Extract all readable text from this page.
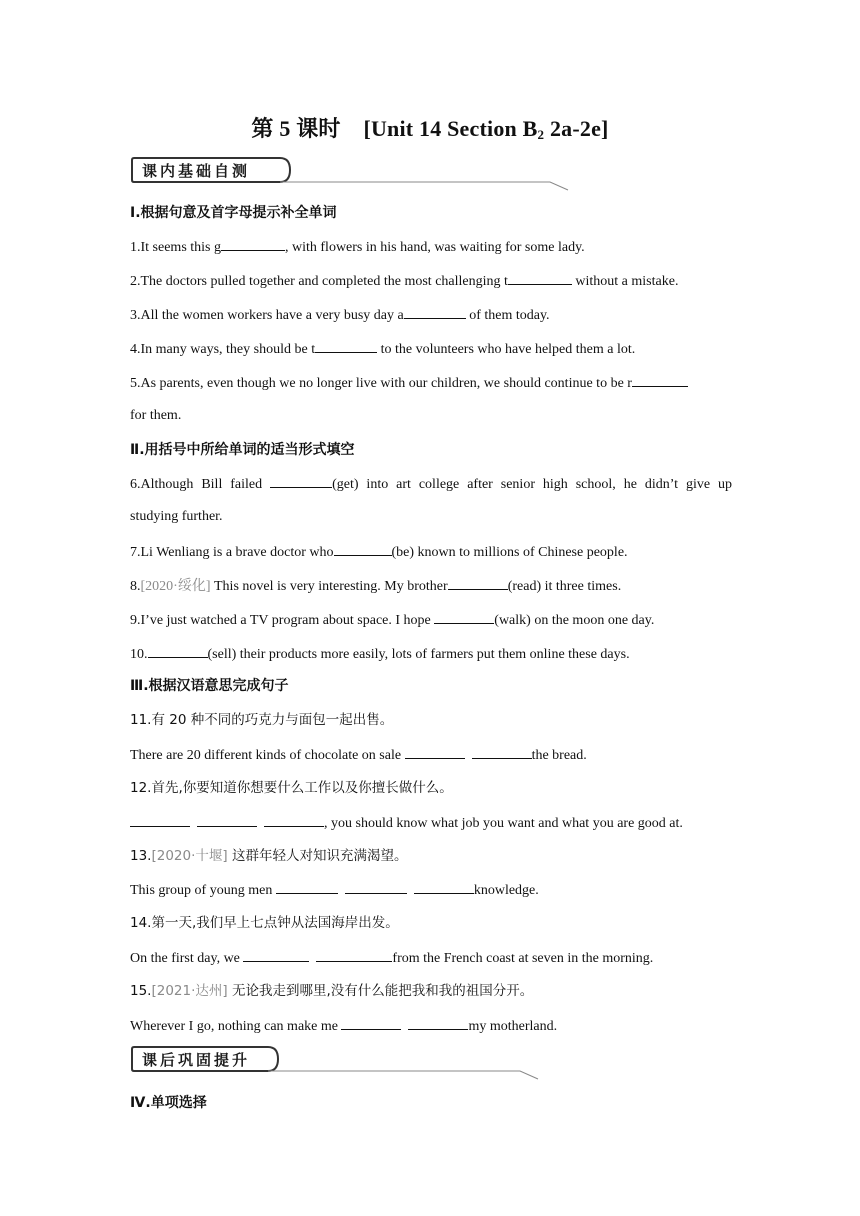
第 5 课时 [Unit 14 Section $B_2$ 2a-2e]
课内基础自测
Ⅰ.根据句意及首字母提示补全单词
1.It seems this g	, with flowers in his hand, was waiting for some lady.
2.The doctors pulled together and completed the most challenging t	without a mistake.
3.All the women workers have a very busy day a	of them today.
4.In many ways, they should be t	to the volunteers who have helped them a lot.
5.As parents, even though we no longer live with our children, we should continue to be r
for them.
Ⅱ.用括号中所给单词的适当形式填空
6.Although Bill failed	(get) into art college after senior high school, he didn’t give up
studying further.
7.Li Wenliang is a brave doctor who	(be) known to millions of Chinese people.
8.[2020·绥化] This novel is very interesting. My brother	(read) it three times.
9.I’ve just watched a TV program about space. I hope	(walk) on the moon one day.
10.	(sell) their products more easily, lots of farmers put them online these days.
Ⅲ.根据汉语意思完成句子
11.有 20 种不同的巧克力与面包一起出售。
There are 20 different kinds of chocolate on sale	the bread.
12.首先,你要知道你想要什么工作以及你擅长做什么。
, you should know what job you want and what you are good at.
13.[2020·十堰] 这群年轻人对知识充满渴望。
This group of young men	knowledge.
14.第一天,我们早上七点钟从法国海岸出发。
On the first day, we	from the French coast at seven in the morning.
15.[2021·达州] 无论我走到哪里,没有什么能把我和我的祖国分开。
Wherever I go, nothing can make me	my motherland.
课后巩固提升
Ⅳ.单项选择
